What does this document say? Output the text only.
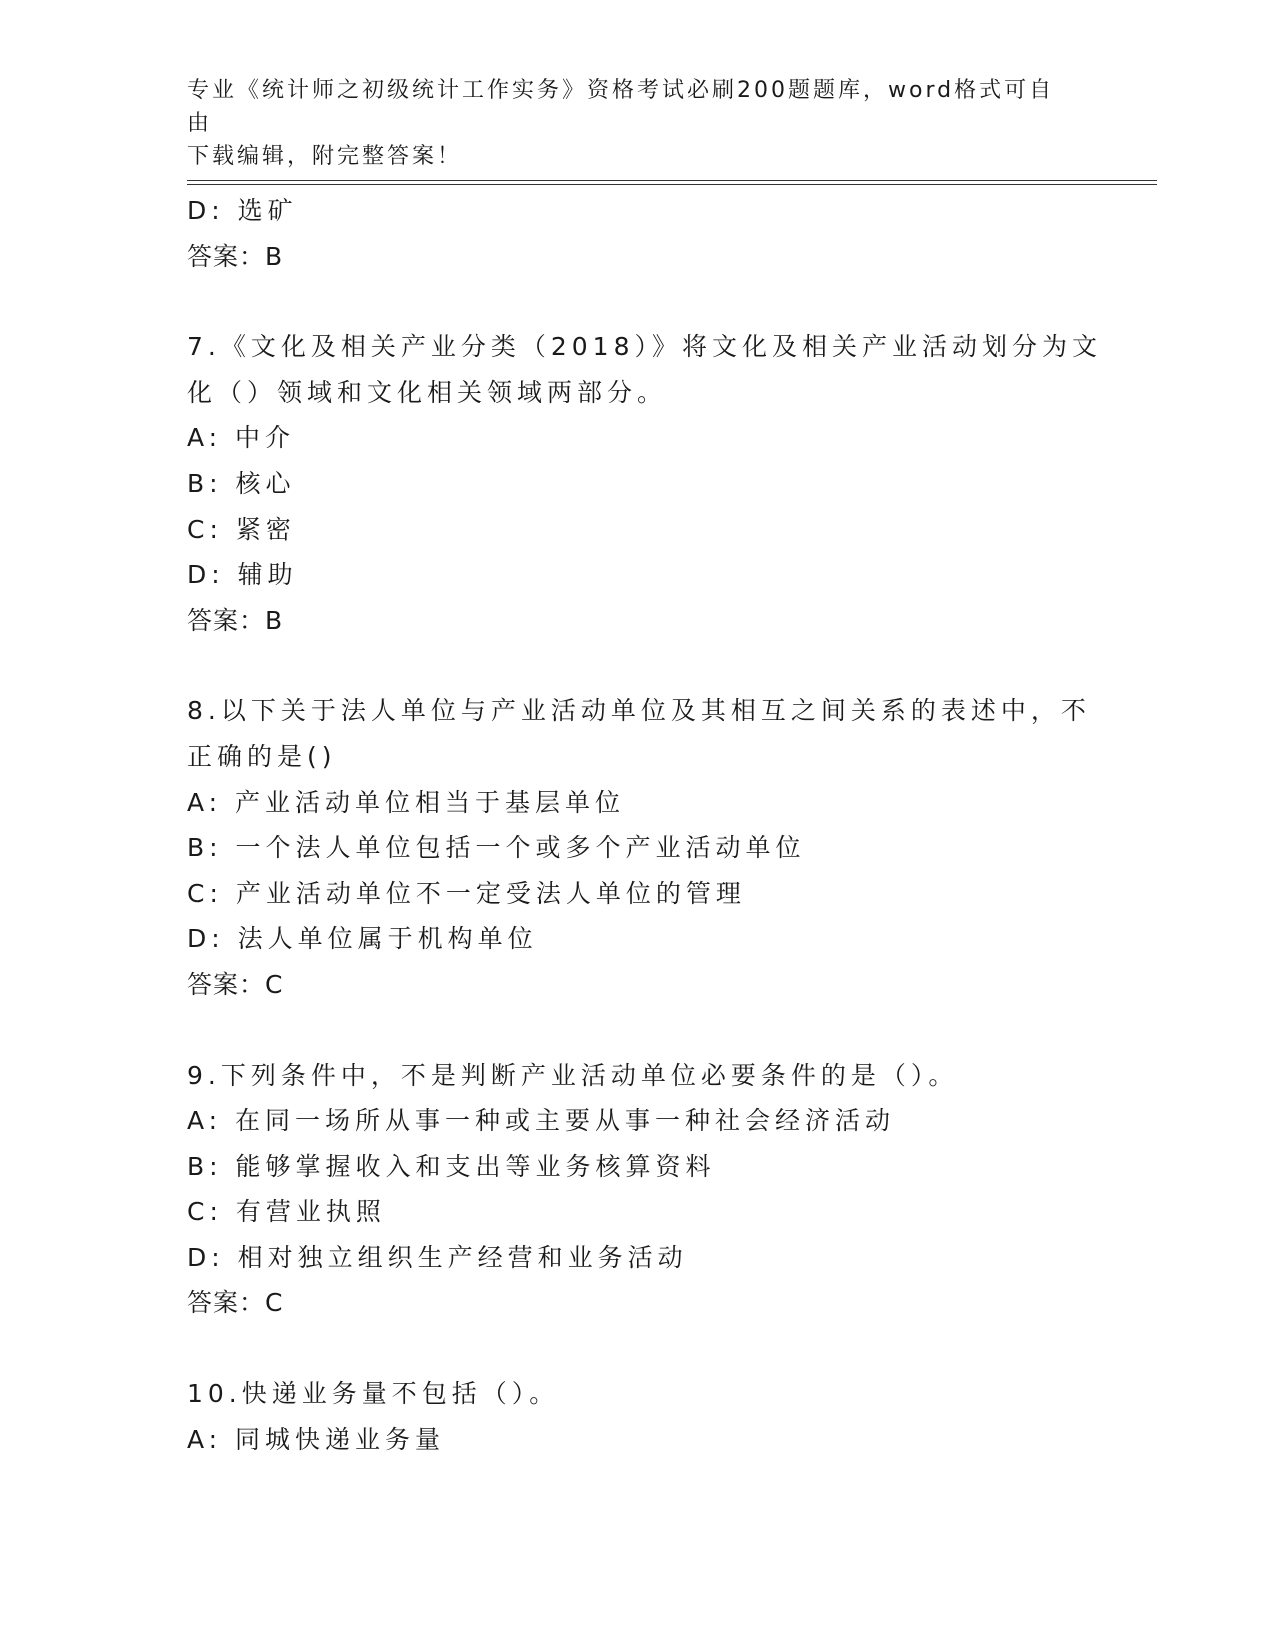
专业《统计师之初级统计工作实务》资格考试必刷200题题库，word格式可自由
下载编辑，附完整答案！
D: 选矿
答案：B
7.《文化及相关产业分类（2018）》将文化及相关产业活动划分为文
化（）领域和文化相关领域两部分。
A: 中介
B: 核心
C: 紧密
D: 辅助
答案：B
8.以下关于法人单位与产业活动单位及其相互之间关系的表述中，不
正确的是()
A: 产业活动单位相当于基层单位
B: 一个法人单位包括一个或多个产业活动单位
C: 产业活动单位不一定受法人单位的管理
D: 法人单位属于机构单位
答案：C
9.下列条件中，不是判断产业活动单位必要条件的是（）。
A: 在同一场所从事一种或主要从事一种社会经济活动
B: 能够掌握收入和支出等业务核算资料
C: 有营业执照
D: 相对独立组织生产经营和业务活动
答案：C
10.快递业务量不包括（）。
A: 同城快递业务量
